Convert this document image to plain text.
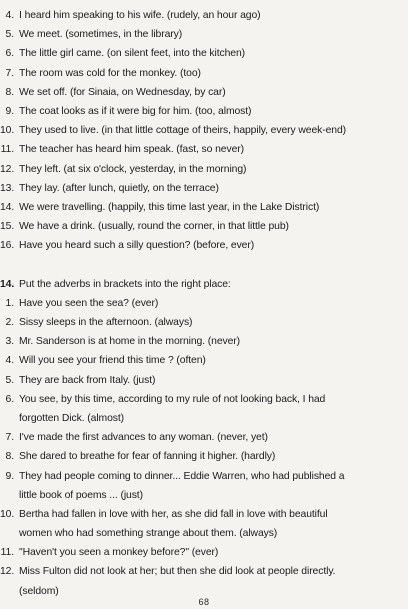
4. I heard him speaking to his wife. (rudely, an hour ago)
5. We meet. (sometimes, in the library)
6. The little girl came. (on silent feet, into the kitchen)
7. The room was cold for the monkey. (too)
8. We set off. (for Sinaia, on Wednesday, by car)
9. The coat looks as if it were big for him. (too, almost)
10. They used to live. (in that little cottage of theirs, happily, every week-end)
11. The teacher has heard him speak. (fast, so never)
12. They left. (at six o'clock, yesterday, in the morning)
13. They lay. (after lunch, quietly, on the terrace)
14. We were travelling. (happily, this time last year, in the Lake District)
15. We have a drink. (usually, round the corner, in that little pub)
16. Have you heard such a silly question? (before, ever)
14. Put the adverbs in brackets into the right place:
1. Have you seen the sea? (ever)
2. Sissy sleeps in the afternoon. (always)
3. Mr. Sanderson is at home in the morning. (never)
4. Will you see your friend this time ? (often)
5. They are back from Italy. (just)
6. You see, by this time, according to my rule of not looking back, I had
forgotten Dick. (almost)
7. I've made the first advances to any woman. (never, yet)
8. She dared to breathe for fear of fanning it higher. (hardly)
9. They had people coming to dinner... Eddie Warren, who had published a
little book of poems ... (just)
10. Bertha had fallen in love with her, as she did fall in love with beautiful
women who had something strange about them. (always)
11. "Haven't you seen a monkey before?" (ever)
12. Miss Fulton did not look at her; but then she did look at people directly.
(seldom)
68
